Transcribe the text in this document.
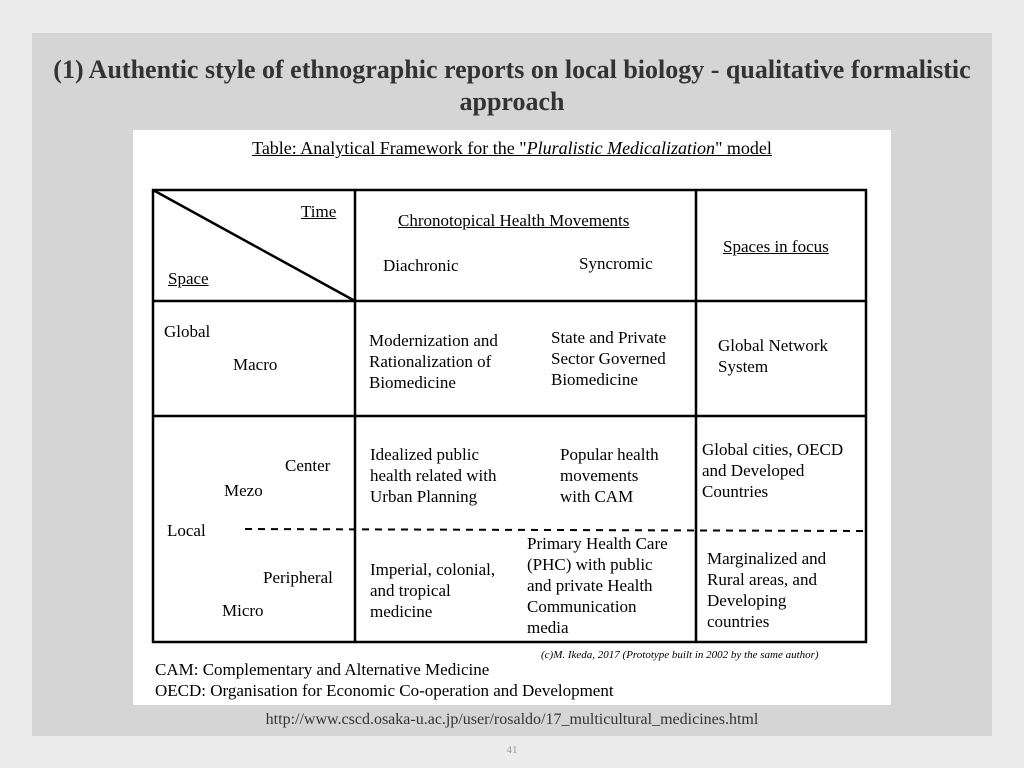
(1) Authentic style of ethnographic reports on local biology - qualitative formalistic approach
Table: Analytical Framework for the "Pluralistic Medicalization" model
Time
Space
Chronotopical Health Movements
Diachronic	Syncromic
Spaces in focus
Global
Macro
Center
Mezo
Local
Peripheral
Micro
Modernization and
Rationalization of
Biomedicine
State and Private
Sector Governed
Biomedicine
Global Network
System
Idealized public
health related with
Urban Planning
Popular health
movements
with CAM
Global cities, OECD
and Developed
Countries
Imperial, colonial,
and tropical
medicine
Primary Health Care
(PHC) with public
and private Health
Communication
media
Marginalized and
Rural areas, and
Developing
countries
(c)M. Ikeda, 2017 (Prototype built in 2002 by the same author)
CAM: Complementary and Alternative Medicine
OECD: Organisation for Economic Co-operation and Development
http://www.cscd.osaka-u.ac.jp/user/rosaldo/17_multicultural_medicines.html
41
